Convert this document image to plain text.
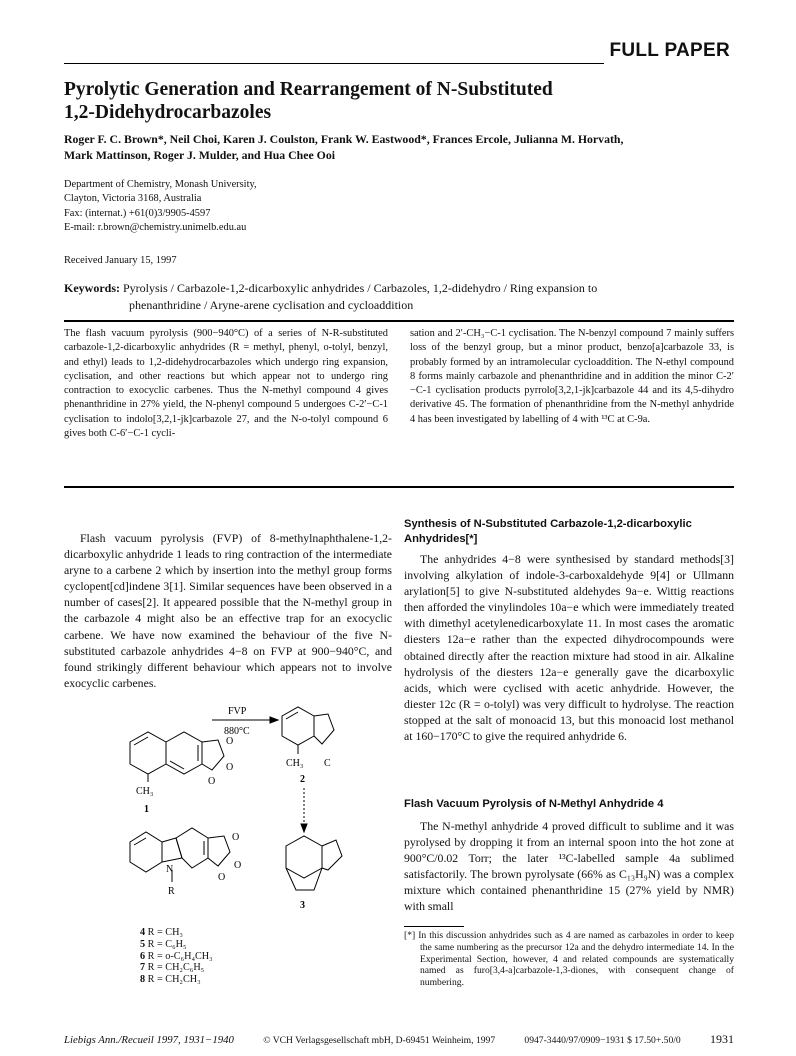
FULL PAPER
Pyrolytic Generation and Rearrangement of N-Substituted
1,2-Didehydrocarbazoles
Roger F. C. Brown*, Neil Choi, Karen J. Coulston, Frank W. Eastwood*, Frances Ercole, Julianna M. Horvath,
Mark Mattinson, Roger J. Mulder, and Hua Chee Ooi
Department of Chemistry, Monash University,
Clayton, Victoria 3168, Australia
Fax: (internat.) +61(0)3/9905-4597
E-mail: r.brown@chemistry.unimelb.edu.au
Received January 15, 1997
Keywords: Pyrolysis / Carbazole-1,2-dicarboxylic anhydrides / Carbazoles, 1,2-didehydro / Ring expansion to
phenanthridine / Aryne-arene cyclisation and cycloaddition
The flash vacuum pyrolysis (900−940°C) of a series of N-R-substituted carbazole-1,2-dicarboxylic anhydrides (R = methyl, phenyl, o-tolyl, benzyl, and ethyl) leads to 1,2-didehydrocarbazoles which undergo ring expansion, cyclisation, and other reactions but which appear not to undergo ring contraction to exocyclic carbenes. Thus the N-methyl compound 4 gives phenanthridine in 27% yield, the N-phenyl compound 5 undergoes C-2′−C-1 cyclisation to indolo[3,2,1-jk]carbazole 27, and the N-o-tolyl compound 6 gives both C-6′−C-1 cycli-
sation and 2′-CH₃−C-1 cyclisation. The N-benzyl compound 7 mainly suffers loss of the benzyl group, but a minor product, benzo[a]carbazole 33, is probably formed by an intramolecular cycloaddition. The N-ethyl compound 8 forms mainly carbazole and phenanthridine and in addition the minor C-2′−C-1 cyclisation products pyrrolo[3,2,1-jk]carbazole 44 and its 4,5-dihydro derivative 45. The formation of phenanthridine from the N-methyl anhydride 4 has been investigated by labelling of 4 with ¹³C at C-9a.
Flash vacuum pyrolysis (FVP) of 8-methylnaphthalene-1,2-dicarboxylic anhydride 1 leads to ring contraction of the intermediate aryne to a carbene 2 which by insertion into the methyl group forms cyclopent[cd]indene 3[1]. Similar sequences have been observed in a number of cases[2]. It appeared possible that the N-methyl group in the carbazole 4 might also be an effective trap for an exocyclic carbene. We have now examined the behaviour of the five N-substituted carbazole anhydrides 4−8 on FVP at 900−940°C, and found strikingly different behaviour which appears not to involve exocyclic carbenes.
FVP
880°C
CH₃
CH₃ C
O
O
O
O
O
O
N
R
1
2
3
4 R = CH₃
5 R = C₆H₅
6 R = o-C₆H₄CH₃
7 R = CH₂C₆H₅
8 R = CH₂CH₃
Synthesis of N-Substituted Carbazole-1,2-dicarboxylic Anhydrides[*]
The anhydrides 4−8 were synthesised by standard methods[3] involving alkylation of indole-3-carboxaldehyde 9[4] or Ullmann arylation[5] to give N-substituted aldehydes 9a−e. Wittig reactions then afforded the vinylindoles 10a−e which were immediately treated with dimethyl acetylenedicarboxylate 11. In most cases the aromatic diesters 12a−e rather than the expected dihydrocompounds were obtained directly after the reaction mixture had stood in air. Alkaline hydrolysis of the diesters 12a−e generally gave the dicarboxylic acids, which were cyclised with acetic anhydride. However, the diester 12c (R = o-tolyl) was very difficult to hydrolyse. The reaction stopped at the salt of monoacid 13, but this monoacid lost methanol at 160−170°C to give the required anhydride 6.
Flash Vacuum Pyrolysis of N-Methyl Anhydride 4
The N-methyl anhydride 4 proved difficult to sublime and it was pyrolysed by dropping it from an internal spoon into the hot zone at 900°C/0.02 Torr; the later ¹³C-labelled sample 4a sublimed satisfactorily. The brown pyrolysate (66% as C₁₃H₉N) was a complex mixture which contained phenanthridine 15 (27% yield by NMR) with small
[*] In this discussion anhydrides such as 4 are named as carbazoles in order to keep the same numbering as the precursor 12a and the dehydro intermediate 14. In the Experimental Section, however, 4 and related compounds are systematically named as furo[3,4-a]carbazole-1,3-diones, with consequent change of numbering.
Liebigs Ann./Recueil 1997, 1931−1940	© VCH Verlagsgesellschaft mbH, D-69451 Weinheim, 1997	0947-3440/97/0909−1931 $ 17.50+.50/0 1931
